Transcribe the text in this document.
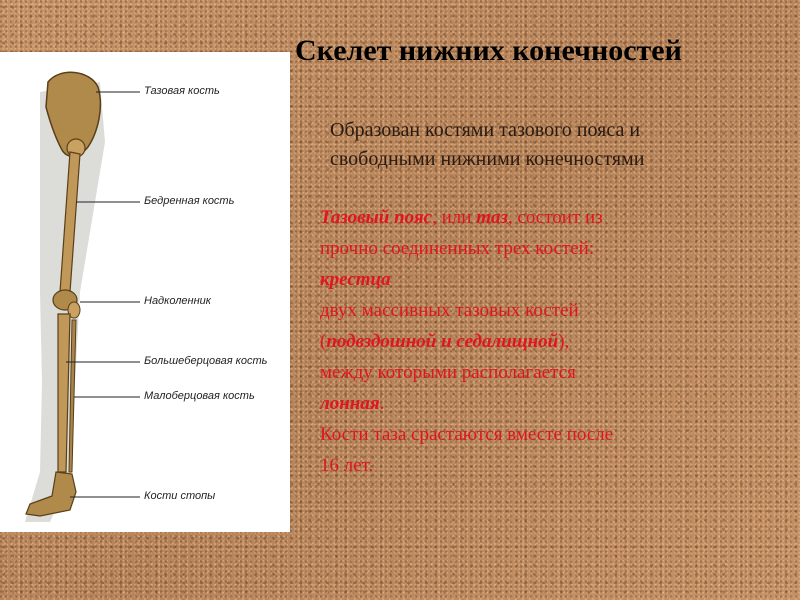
Скелет нижних конечностей
Образован костями тазового пояса и
свободными нижними конечностями
Тазовая кость
Бедренная кость
Надколенник
Большеберцовая кость
Малоберцовая кость
Кости стопы
Тазовый пояс, или таз, состоит из
прочно соединенных трех костей:
крестца
двух массивных тазовых костей
(подвздошной и седалищной),
между которыми располагается
лонная.
Кости таза срастаются вместе после
16 лет.
